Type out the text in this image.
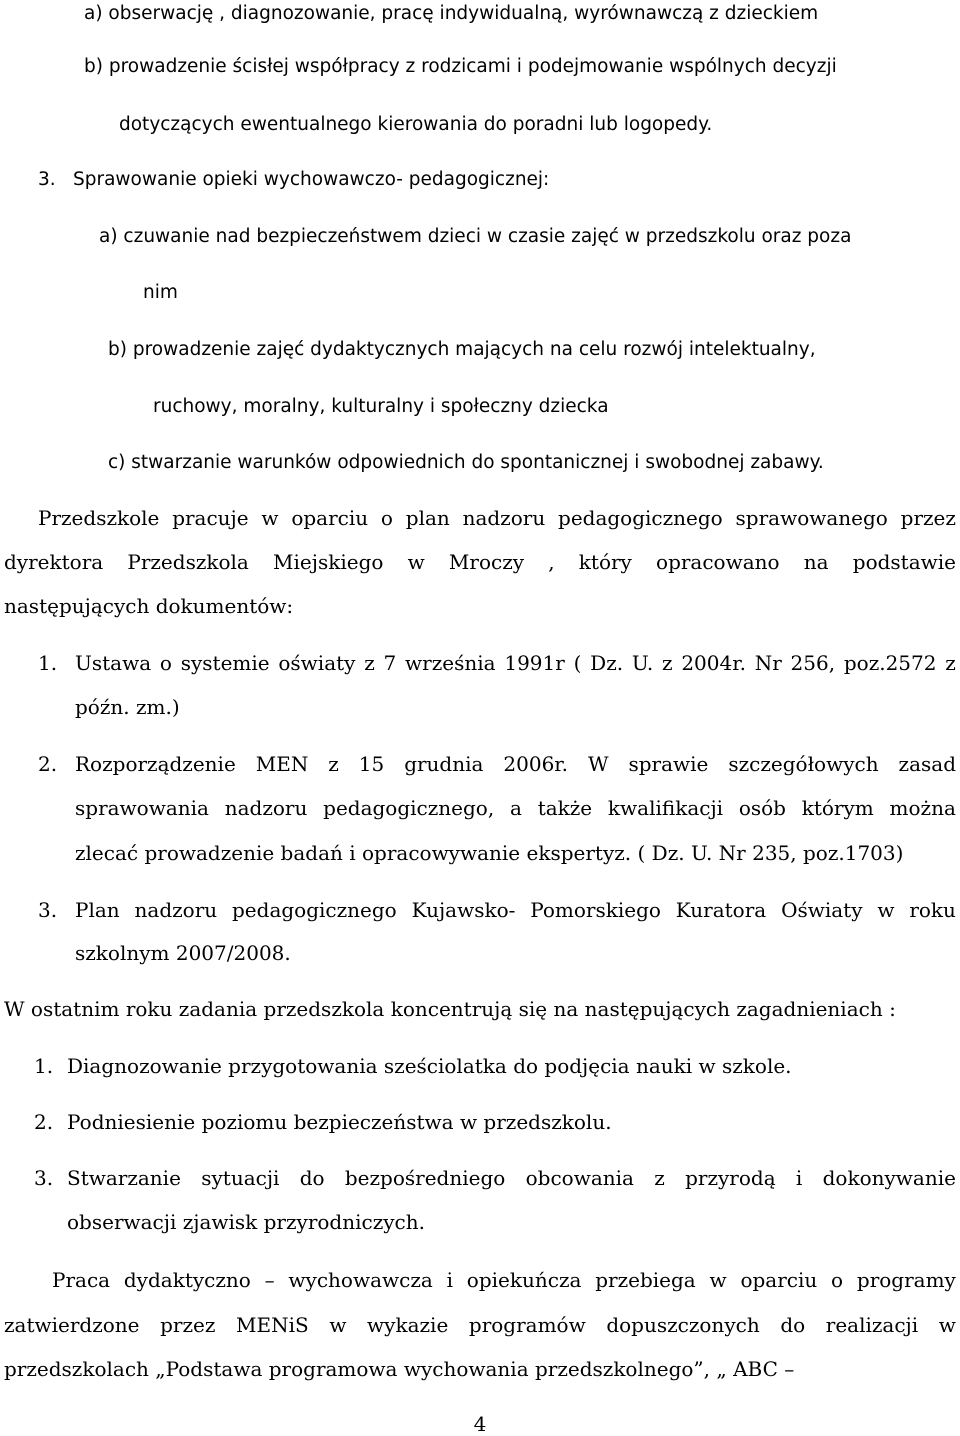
a) obserwację , diagnozowanie, pracę indywidualną, wyrównawczą z dzieckiem
b) prowadzenie ścisłej współpracy z rodzicami i podejmowanie wspólnych decyzji
dotyczących ewentualnego kierowania do poradni lub logopedy.
3. Sprawowanie opieki wychowawczo- pedagogicznej:
a) czuwanie nad bezpieczeństwem dzieci w czasie zajęć w przedszkolu oraz poza
nim
b) prowadzenie zajęć dydaktycznych mających na celu rozwój intelektualny,
ruchowy, moralny, kulturalny i społeczny dziecka
c) stwarzanie warunków odpowiednich do spontanicznej i swobodnej zabawy.
Przedszkole pracuje w oparciu o plan nadzoru pedagogicznego sprawowanego przez
dyrektora Przedszkola Miejskiego w Mroczy , który opracowano na podstawie
następujących dokumentów:
1. Ustawa o systemie oświaty z 7 września 1991r ( Dz. U. z 2004r. Nr 256, poz.2572 z
późn. zm.)
2. Rozporządzenie MEN z 15 grudnia 2006r. W sprawie szczegółowych zasad
sprawowania nadzoru pedagogicznego, a także kwalifikacji osób którym można
zlecać prowadzenie badań i opracowywanie ekspertyz. ( Dz. U. Nr 235, poz.1703)
3. Plan nadzoru pedagogicznego Kujawsko- Pomorskiego Kuratora Oświaty w roku
szkolnym 2007/2008.
W ostatnim roku zadania przedszkola koncentrują się na następujących zagadnieniach :
1. Diagnozowanie przygotowania sześciolatka do podjęcia nauki w szkole.
2. Podniesienie poziomu bezpieczeństwa w przedszkolu.
3. Stwarzanie sytuacji do bezpośredniego obcowania z przyrodą i dokonywanie
obserwacji zjawisk przyrodniczych.
Praca dydaktyczno – wychowawcza i opiekuńcza przebiega w oparciu o programy
zatwierdzone przez MENiS w wykazie programów dopuszczonych do realizacji w
przedszkolach „Podstawa programowa wychowania przedszkolnego”, „ ABC –
4
